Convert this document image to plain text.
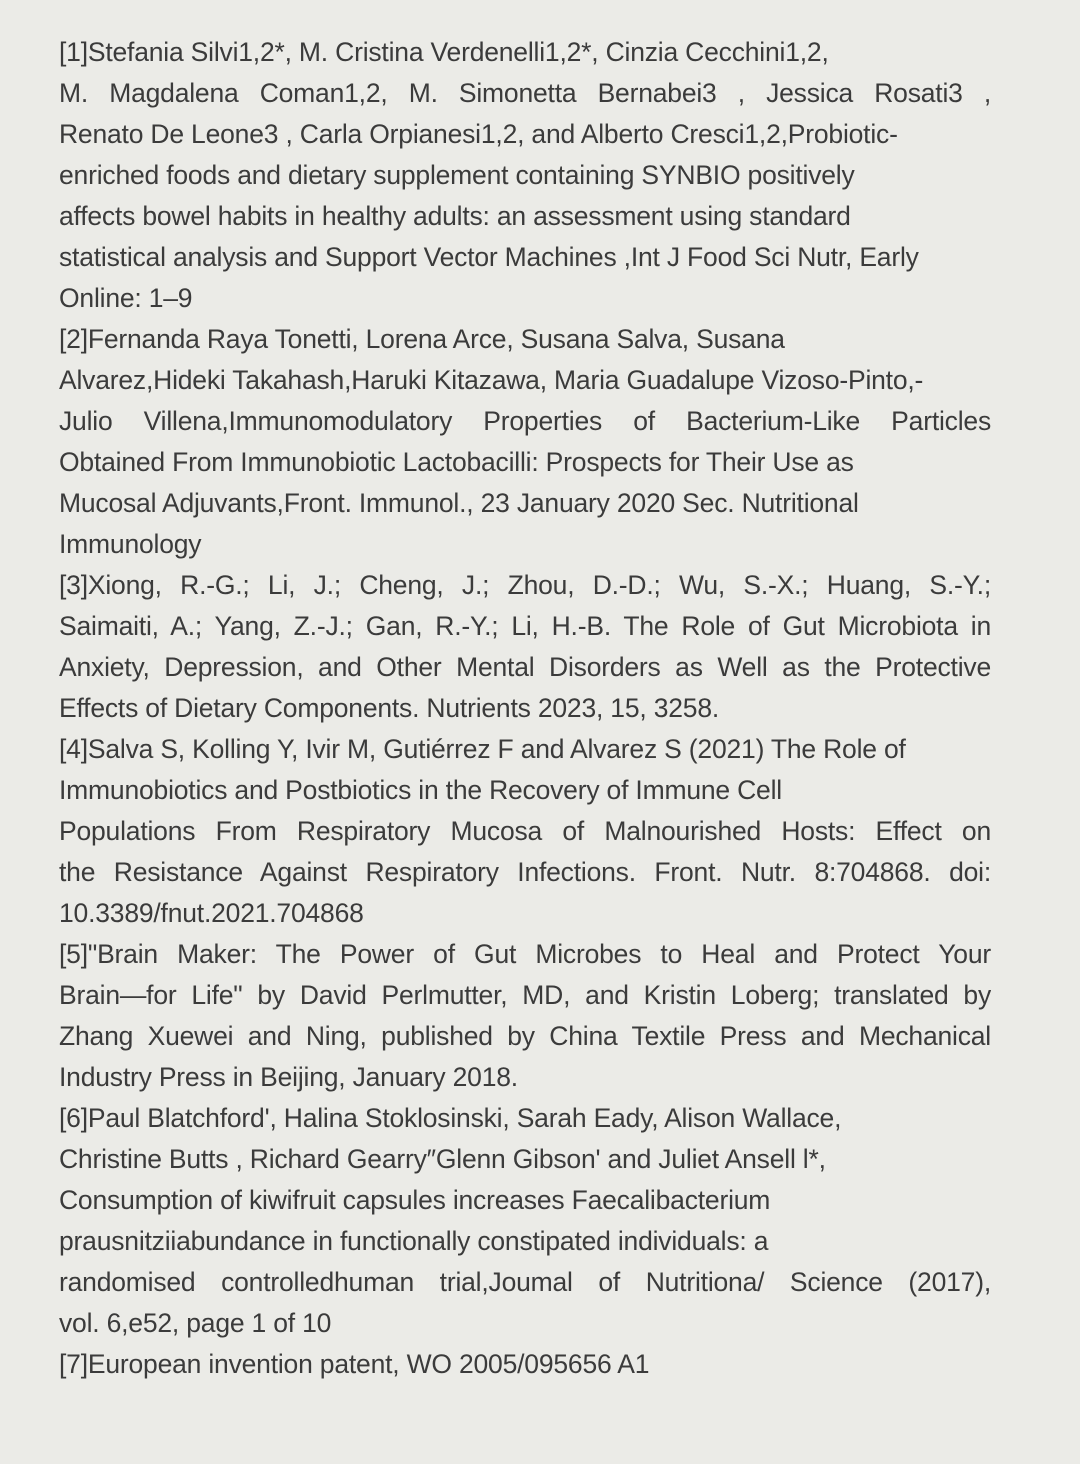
[1]Stefania Silvi1,2*, M. Cristina Verdenelli1,2*, Cinzia Cecchini1,2,
M. Magdalena Coman1,2, M. Simonetta Bernabei3 , Jessica Rosati3 ,
Renato De Leone3 , Carla Orpianesi1,2, and Alberto Cresci1,2,Probiotic-
enriched foods and dietary supplement containing SYNBIO positively
affects bowel habits in healthy adults: an assessment using standard
statistical analysis and Support Vector Machines ,Int J Food Sci Nutr, Early
Online: 1–9
[2]Fernanda Raya Tonetti, Lorena Arce, Susana Salva, Susana
Alvarez,Hideki Takahash,Haruki Kitazawa, Maria Guadalupe Vizoso-Pinto,-
Julio Villena,Immunomodulatory Properties of Bacterium-Like Particles
Obtained From Immunobiotic Lactobacilli: Prospects for Their Use as
Mucosal Adjuvants,Front. Immunol., 23 January 2020 Sec. Nutritional
Immunology
[3]Xiong, R.-G.; Li, J.; Cheng, J.; Zhou, D.-D.; Wu, S.-X.; Huang, S.-Y.;
Saimaiti, A.; Yang, Z.-J.; Gan, R.-Y.; Li, H.-B. The Role of Gut Microbiota in
Anxiety, Depression, and Other Mental Disorders as Well as the Protective
Effects of Dietary Components. Nutrients 2023, 15, 3258.
[4]Salva S, Kolling Y, Ivir M, Gutiérrez F and Alvarez S (2021) The Role of
Immunobiotics and Postbiotics in the Recovery of Immune Cell
Populations From Respiratory Mucosa of Malnourished Hosts: Effect on
the Resistance Against Respiratory Infections. Front. Nutr. 8:704868. doi:
10.3389/fnut.2021.704868
[5]"Brain Maker: The Power of Gut Microbes to Heal and Protect Your
Brain—for Life" by David Perlmutter, MD, and Kristin Loberg; translated by
Zhang Xuewei and Ning, published by China Textile Press and Mechanical
Industry Press in Beijing, January 2018.
[6]Paul Blatchford', Halina Stoklosinski, Sarah Eady, Alison Wallace,
Christine Butts , Richard Gearry″Glenn Gibson' and Juliet Ansell l*,
Consumption of kiwifruit capsules increases Faecalibacterium
prausnitziiabundance in functionally constipated individuals: a
randomised controlledhuman trial,Joumal of Nutritiona/ Science (2017),
vol. 6,e52, page 1 of 10
[7]European invention patent, WO 2005/095656 A1
